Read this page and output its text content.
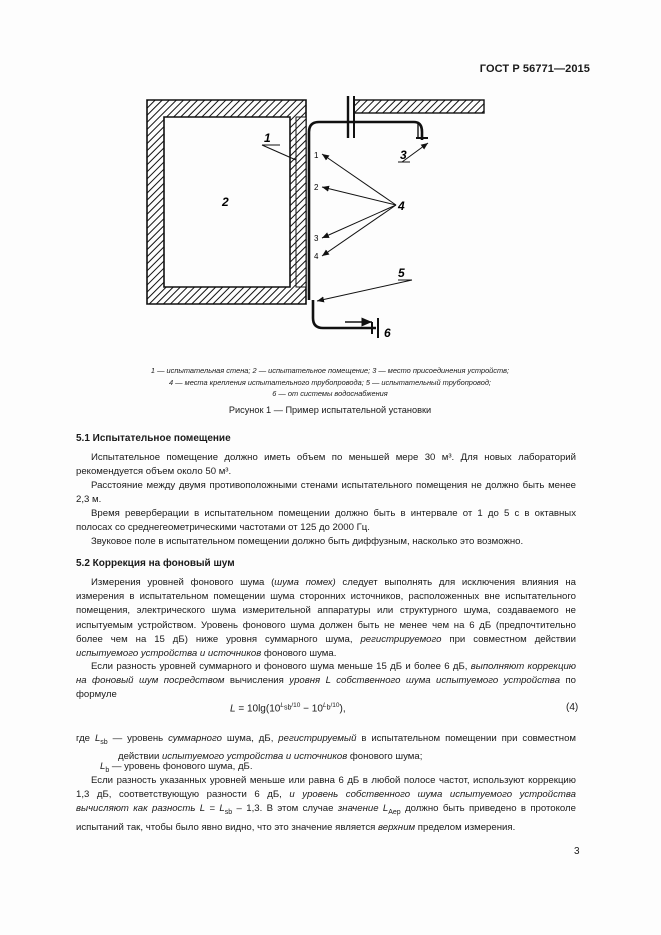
ГОСТ Р 56771—2015
1
2
3
4
1
2
3
4
5
6
1 — испытательная стена; 2 — испытательное помещение; 3 — место присоединения устройств;
4 — места крепления испытательного трубопровода; 5 — испытательный трубопровод;
6 — от системы водоснабжения
Рисунок 1 — Пример испытательной установки
5.1 Испытательное помещение

Испытательное помещение должно иметь объем по меньшей мере 30 м³. Для новых лабораторий рекомендуется объем около 50 м³.

Расстояние между двумя противоположными стенами испытательного помещения не должно быть менее 2,3 м.

Время реверберации в испытательном помещении должно быть в интервале от 1 до 5 с в октавных полосах со среднегеометрическими частотами от 125 до 2000 Гц.

Звуковое поле в испытательном помещении должно быть диффузным, насколько это возможно.

5.2 Коррекция на фоновый шум

Измерения уровней фонового шума (шума помех) следует выполнять для исключения влияния на измерения в испытательном помещении шума сторонних источников, расположенных вне испытательного помещения, электрического шума измерительной аппаратуры или структурного шума, создаваемого не испытуемым устройством. Уровень фонового шума должен быть не менее чем на 6 дБ (предпочтительно более чем на 15 дБ) ниже уровня суммарного шума, регистрируемого при совместном действии испытуемого устройства и источников фонового шума.

Если разность уровней суммарного и фонового шума меньше 15 дБ и более 6 дБ, выполняют коррекцию на фоновый шум посредством вычисления уровня L собственного шума испытуемого устройства по формуле

$L = 10\lg(10^{L_{sb}/10} - 10^{L_b/10})$,	(4)

где $L_{sb}$ — уровень суммарного шума, дБ, регистрируемый в испытательном помещении при совместном действии испытуемого устройства и источников фонового шума;

$L_b$ — уровень фонового шума, дБ.

Если разность указанных уровней меньше или равна 6 дБ в любой полосе частот, используют коррекцию 1,3 дБ, соответствующую разности 6 дБ, и уровень собственного шума испытуемого устройства вычисляют как разность $L = L_{sb} - 1,3$. В этом случае значение $L_{Aep}$ должно быть приведено в протоколе испытаний так, чтобы было явно видно, что это значение является верхним пределом измерения.

3
